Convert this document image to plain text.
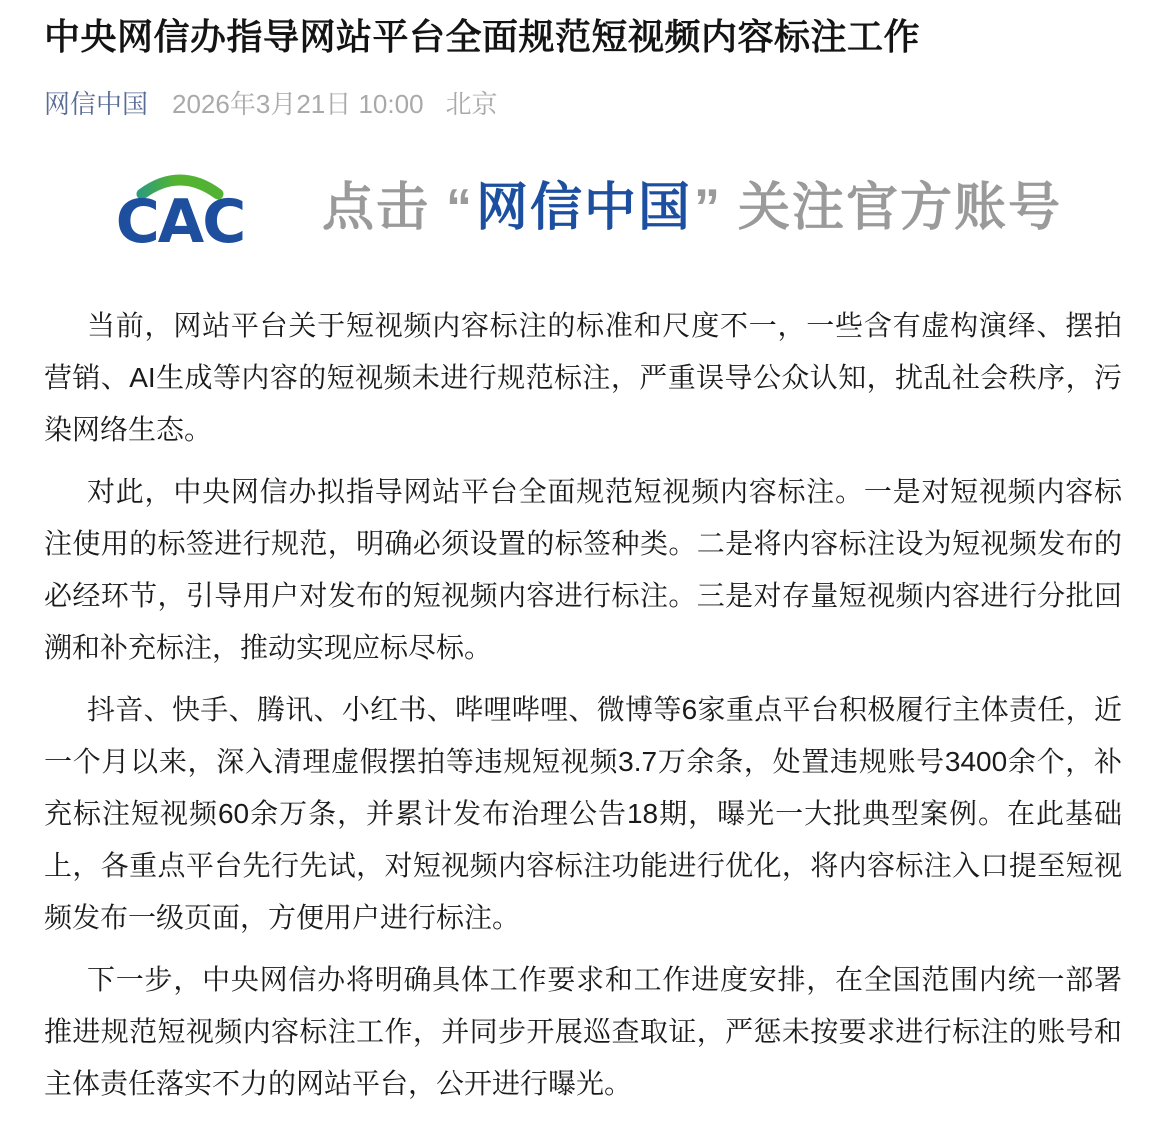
中央网信办指导网站平台全面规范短视频内容标注工作
网信中国 2026年3月21日 10:00 北京
CAC 点击 “网信中国” 关注官方账号

当前，网站平台关于短视频内容标注的标准和尺度不一，一些含有虚构演绎、摆拍营销、AI生成等内容的短视频未进行规范标注，严重误导公众认知，扰乱社会秩序，污染网络生态。

对此，中央网信办拟指导网站平台全面规范短视频内容标注。一是对短视频内容标注使用的标签进行规范，明确必须设置的标签种类。二是将内容标注设为短视频发布的必经环节，引导用户对发布的短视频内容进行标注。三是对存量短视频内容进行分批回溯和补充标注，推动实现应标尽标。

抖音、快手、腾讯、小红书、哔哩哔哩、微博等6家重点平台积极履行主体责任，近一个月以来，深入清理虚假摆拍等违规短视频3.7万余条，处置违规账号3400余个，补充标注短视频60余万条，并累计发布治理公告18期，曝光一大批典型案例。在此基础上，各重点平台先行先试，对短视频内容标注功能进行优化，将内容标注入口提至短视频发布一级页面，方便用户进行标注。

下一步，中央网信办将明确具体工作要求和工作进度安排，在全国范围内统一部署推进规范短视频内容标注工作，并同步开展巡查取证，严惩未按要求进行标注的账号和主体责任落实不力的网站平台，公开进行曝光。
